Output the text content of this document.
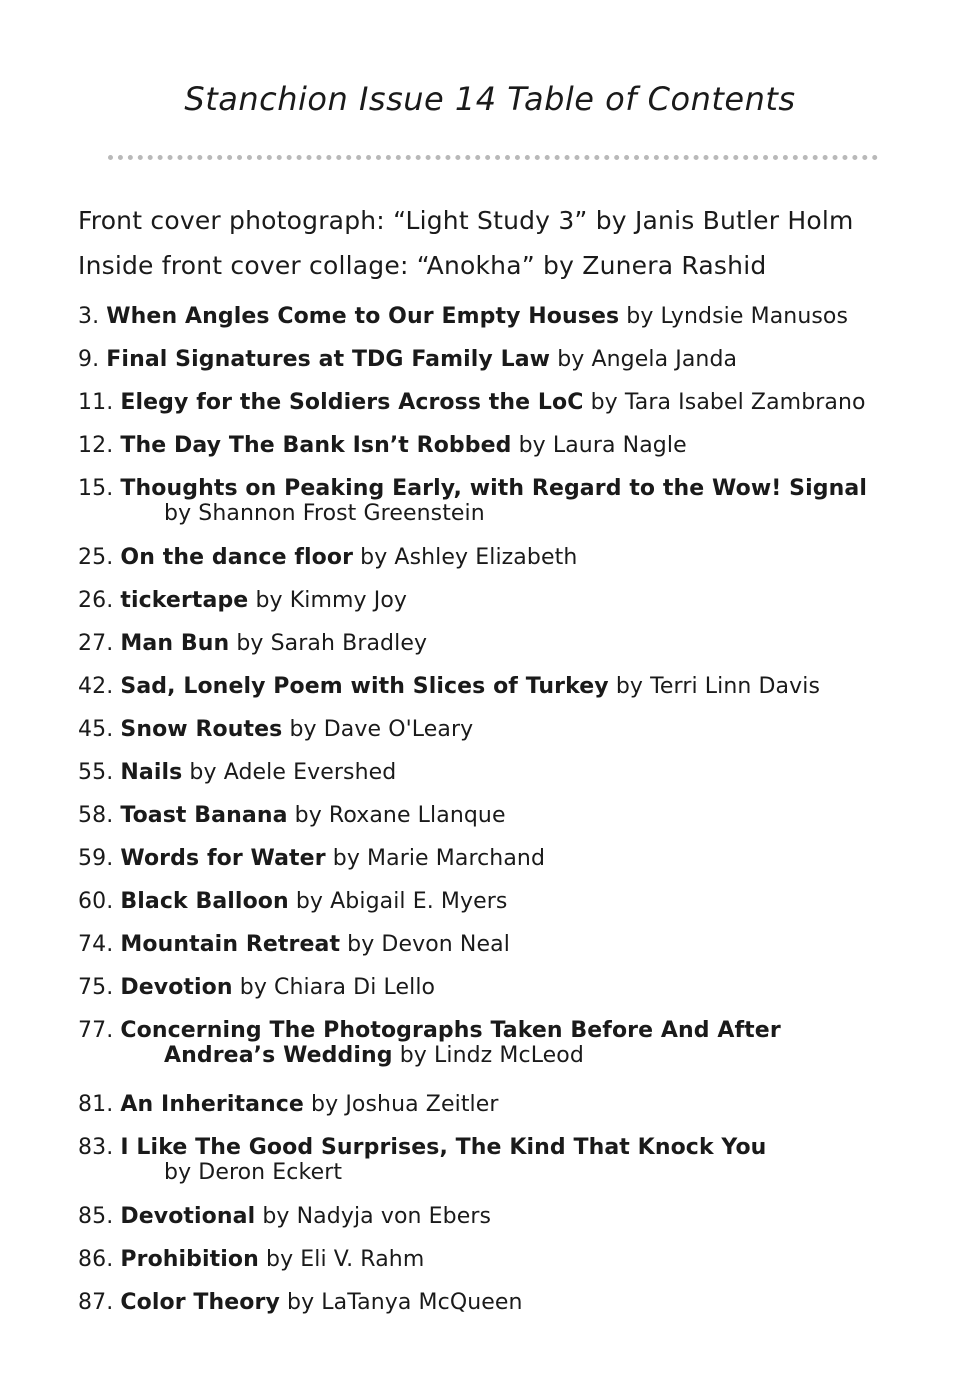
Stanchion Issue 14 Table of Contents
Front cover photograph: “Light Study 3” by Janis Butler Holm
Inside front cover collage: “Anokha” by Zunera Rashid
3. When Angles Come to Our Empty Houses by Lyndsie Manusos
9. Final Signatures at TDG Family Law by Angela Janda
11. Elegy for the Soldiers Across the LoC by Tara Isabel Zambrano
12. The Day The Bank Isn’t Robbed by Laura Nagle
15. Thoughts on Peaking Early, with Regard to the Wow! Signal
by Shannon Frost Greenstein
25. On the dance floor by Ashley Elizabeth
26. tickertape by Kimmy Joy
27. Man Bun by Sarah Bradley
42. Sad, Lonely Poem with Slices of Turkey by Terri Linn Davis
45. Snow Routes by Dave O'Leary
55. Nails by Adele Evershed
58. Toast Banana by Roxane Llanque
59. Words for Water by Marie Marchand
60. Black Balloon by Abigail E. Myers
74. Mountain Retreat by Devon Neal
75. Devotion by Chiara Di Lello
77. Concerning The Photographs Taken Before And After
Andrea’s Wedding by Lindz McLeod
81. An Inheritance by Joshua Zeitler
83. I Like The Good Surprises, The Kind That Knock You
by Deron Eckert
85. Devotional by Nadyja von Ebers
86. Prohibition by Eli V. Rahm
87. Color Theory by LaTanya McQueen
